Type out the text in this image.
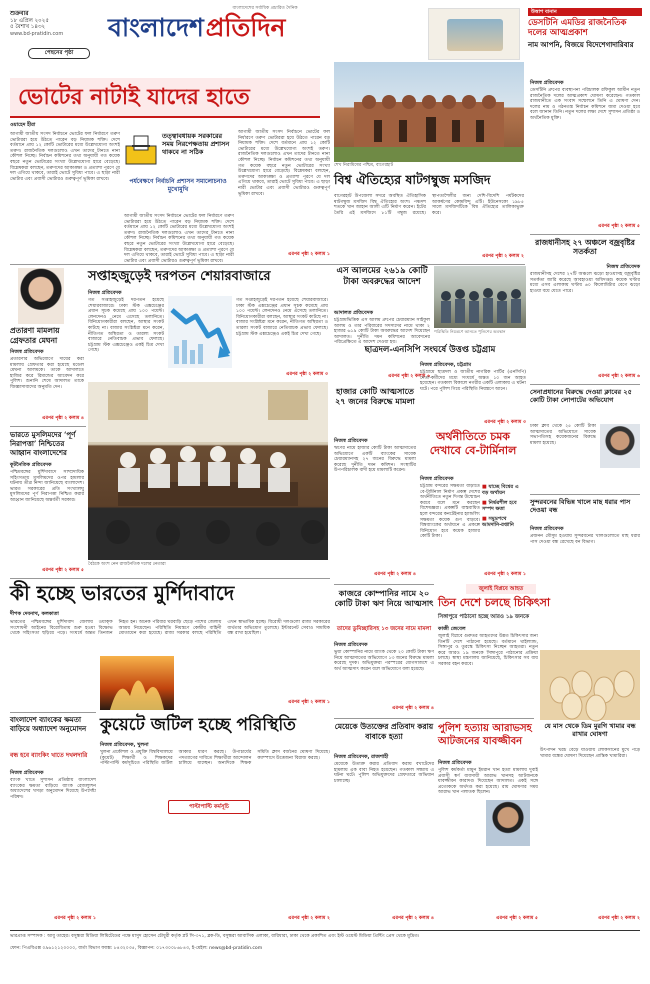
শুক্রবার
১৮ এপ্রিল ২০২৫
৫ বৈশাখ ১৪৩২
www.bd-pratidin.com
পেছনের পৃষ্ঠা
বাংলাদেশের সর্বাধিক প্রচারিত দৈনিক
বাংলাদেশ প্রতিদিন
উত্তাপ বানান
ডেসটিনি এমডির রাজনৈতিক দলের আত্মপ্রকাশ
নাম আপনি, বিজয়ে বিদেশেগাদারিবার
ভোটের নাটাই যাদের হাতে
ওয়াহেদ হীরা
আগামী জাতীয় সংসদ নির্বাচনে ভোটের ফল নির্ধারণে তরুণ ভোটাররা হয়ে উঠতে পারেন বড় নিয়ামক শক্তি। দেশে বর্তমানে প্রায় ১২ কোটি ভোটারের মধ্যে উল্লেখযোগ্য অংশই তরুণ। রাজনৈতিক দলগুলোও এখন তাদের টানতে নানা কৌশল নিচ্ছে। নির্বাচন কমিশনের তথ্য অনুযায়ী গত কয়েক বছরে নতুন ভোটারের সংখ্যা উল্লেখযোগ্য হারে বেড়েছে। বিশ্লেষকরা বলছেন, তরুণদের আকাঙ্ক্ষা ও প্রত্যাশা পূরণে যে দল এগিয়ে থাকবে, তারাই ভোটে সুবিধা পাবে। এ ছাড়া নারী ভোটার এবং প্রবাসী ভোটারও গুরুত্বপূর্ণ ভূমিকা রাখবে।
তত্ত্বাবধায়ক সরকারের সময় নিরপেক্ষতায় প্রশাসন থাকবে না সঠিক
পর্যবেক্ষণে নির্বাচনি প্রশাসন সমালোচনাও মুখোমুখি
আগামী জাতীয় সংসদ নির্বাচনে ভোটের ফল নির্ধারণে তরুণ ভোটাররা হয়ে উঠতে পারেন বড় নিয়ামক শক্তি। দেশে বর্তমানে প্রায় ১২ কোটি ভোটারের মধ্যে উল্লেখযোগ্য অংশই তরুণ। রাজনৈতিক দলগুলোও এখন তাদের টানতে নানা কৌশল নিচ্ছে। নির্বাচন কমিশনের তথ্য অনুযায়ী গত কয়েক বছরে নতুন ভোটারের সংখ্যা উল্লেখযোগ্য হারে বেড়েছে। বিশ্লেষকরা বলছেন, তরুণদের আকাঙ্ক্ষা ও প্রত্যাশা পূরণে যে দল এগিয়ে থাকবে, তারাই ভোটে সুবিধা পাবে। এ ছাড়া নারী ভোটার এবং প্রবাসী ভোটারও গুরুত্বপূর্ণ ভূমিকা রাখবে।
আগামী জাতীয় সংসদ নির্বাচনে ভোটের ফল নির্ধারণে তরুণ ভোটাররা হয়ে উঠতে পারেন বড় নিয়ামক শক্তি। দেশে বর্তমানে প্রায় ১২ কোটি ভোটারের মধ্যে উল্লেখযোগ্য অংশই তরুণ। রাজনৈতিক দলগুলোও এখন তাদের টানতে নানা কৌশল নিচ্ছে। নির্বাচন কমিশনের তথ্য অনুযায়ী গত কয়েক বছরে নতুন ভোটারের সংখ্যা উল্লেখযোগ্য হারে বেড়েছে। বিশ্লেষকরা বলছেন, তরুণদের আকাঙ্ক্ষা ও প্রত্যাশা পূরণে যে দল এগিয়ে থাকবে, তারাই ভোটে সুবিধা পাবে। এ ছাড়া নারী ভোটার এবং প্রবাসী ভোটারও গুরুত্বপূর্ণ ভূমিকা রাখবে।
এরপর পৃষ্ঠা ২ কলাম ১
শেখ নিরামিষের পশ্চিম, বাগেরহাট
বিশ্ব ঐতিহ্যের ষাটগম্বুজ মসজিদ
বাগেরহাট উপজেলা সদরে অবস্থিত ঐতিহাসিক ষাটগম্বুজ মসজিদ বিশ্ব ঐতিহ্যের অংশ। পঞ্চদশ শতকে খান জাহান আলী এটি নির্মাণ করেন। ইটের তৈরি এই মসজিদে ৮১টি গম্বুজ রয়েছে। স্থাপত্যশৈলীর জন্য দেশি-বিদেশি পর্যটকদের আকর্ষণের কেন্দ্রবিন্দু এটি। ইউনেসকো ১৯৮৫ সালে মসজিদটিকে বিশ্ব ঐতিহ্যের তালিকাভুক্ত করে।
এরপর পৃষ্ঠা ২ কলাম ২
নিজস্ব প্রতিবেদক
ডেসটিনি গ্রুপের ব্যবস্থাপনা পরিচালক রফিকুল আমীন নতুন রাজনৈতিক দলের আত্মপ্রকাশ ঘোষণা করেছেন। গতকাল রাজধানীতে এক সংবাদ সম্মেলনে তিনি এ ঘোষণা দেন। দলের নাম ও গঠনতন্ত্র নির্বাচন কমিশনে জমা দেওয়া হবে বলে জানান তিনি। নতুন দলের লক্ষ্য দেশে সুশাসন প্রতিষ্ঠা ও অর্থনৈতিক মুক্তি।
এরপর পৃষ্ঠা ২ কলাম ৫
রাজধানীসহ ২৭ অঞ্চলে বজ্রবৃষ্টির সতর্কতা
নিজস্ব প্রতিবেদক
সপ্তাহজুড়েই দরপতন শেয়ারবাজারে
নিজস্ব প্রতিবেদক
গত সপ্তাহজুড়েই দরপতন হয়েছে শেয়ারবাজারে। ঢাকা স্টক এক্সচেঞ্জের প্রধান সূচক কমেছে প্রায় ১০০ পয়েন্ট। লেনদেনও নেমে এসেছে তলানিতে। বিনিয়োগকারীরা বলছেন, আস্থার সংকট কাটছে না। বাজার সংশ্লিষ্টরা মনে করেন, নীতিগত অস্থিরতা ও তারল্য সংকট বাজারে নেতিবাচক প্রভাব ফেলছে। চট্টগ্রাম স্টক এক্সচেঞ্জেও একই চিত্র দেখা গেছে।
গত সপ্তাহজুড়েই দরপতন হয়েছে শেয়ারবাজারে। ঢাকা স্টক এক্সচেঞ্জের প্রধান সূচক কমেছে প্রায় ১০০ পয়েন্ট। লেনদেনও নেমে এসেছে তলানিতে। বিনিয়োগকারীরা বলছেন, আস্থার সংকট কাটছে না। বাজার সংশ্লিষ্টরা মনে করেন, নীতিগত অস্থিরতা ও তারল্য সংকট বাজারে নেতিবাচক প্রভাব ফেলছে। চট্টগ্রাম স্টক এক্সচেঞ্জেও একই চিত্র দেখা গেছে।
এরপর পৃষ্ঠা ২ কলাম ৩
প্রতারণা মামলায় গ্রেফতার মেঘনা
নিজস্ব প্রতিবেদক
প্রতারণার অভিযোগে দায়ের করা মামলায় গ্রেফতার করা হয়েছে মডেল মেঘনা আলমকে। তাকে আদালতে হাজির করে রিমান্ডের আবেদন করে পুলিশ। শুনানি শেষে আদালত তাকে জিজ্ঞাসাবাদের অনুমতি দেন।
এরপর পৃষ্ঠা ২ কলাম ৪
ভারতে মুসলিমদের ‘পূর্ণ নিরাপত্তা’ নিশ্চিতের আহ্বান বাংলাদেশের
কূটনৈতিক প্রতিবেদক
পশ্চিমবঙ্গের মুর্শিদাবাদে সাম্প্রদায়িক সহিংসতায় মুসলিমদের ওপর হামলার ঘটনায় তীব্র নিন্দা জানিয়েছে বাংলাদেশ। ভারত সরকারের প্রতি সংখ্যালঘু মুসলিমদের পূর্ণ নিরাপত্তা নিশ্চিত করার আহ্বান জানিয়েছে অন্তর্বর্তী সরকার।
এরপর পৃষ্ঠা ২ কলাম ৫
বৈঠকে অংশ নেন রাজনৈতিক দলের নেতারা
এস আলমের ২৬১৯ কোটি টাকা অবরুদ্ধের আদেশ
আদালত প্রতিবেদক
চট্টগ্রামভিত্তিক এস আলম গ্রুপের চেয়ারম্যান সাইফুল আলম ও তার পরিবারের সদস্যদের নামে থাকা ২ হাজার ৬১৯ কোটি টাকা অবরুদ্ধের আদেশ দিয়েছেন আদালত। দুর্নীতি দমন কমিশনের আবেদনের পরিপ্রেক্ষিতে এ আদেশ দেওয়া হয়।
এরপর পৃষ্ঠা ২ কলাম ৬
পরিস্থিতি নিয়ন্ত্রণে আনতে পুলিশের অবস্থান
রাজধানীসহ দেশের ২৭টি অঞ্চলে ঝড়ো হাওয়াসহ বজ্রবৃষ্টির সতর্কতা জারি করেছে আবহাওয়া অধিদপ্তর। কয়েক ঘণ্টার মধ্যে এসব এলাকায় ঘণ্টায় ৬০ কিলোমিটার বেগে ঝড়ো হাওয়া বয়ে যেতে পারে।
এরপর পৃষ্ঠা ২ কলাম ৬
ছাত্রদল-এনসিপি সংঘর্ষে উত্তপ্ত চট্টগ্রাম
নিজস্ব প্রতিবেদক, চট্টগ্রাম
চট্টগ্রামে ছাত্রদল ও জাতীয় নাগরিক পার্টির (এনসিপি) নেতা-কর্মীদের মধ্যে সংঘর্ষে অন্তত ১০ জন আহত হয়েছেন। গতকাল বিকালে নগরীর একটি এলাকায় এ ঘটনা ঘটে। পরে পুলিশ গিয়ে পরিস্থিতি নিয়ন্ত্রণে আনে।
এরপর পৃষ্ঠা ২ কলাম ৩
হাজার কোটি আত্মসাতে ২৭ জনের বিরুদ্ধে মামলা
নিজস্ব প্রতিবেদক
ঋণের নামে হাজার কোটি টাকা আত্মসাতের অভিযোগে একটি ব্যাংকের সাবেক চেয়ারম্যানসহ ২৭ জনের বিরুদ্ধে মামলা করেছে দুর্নীতি দমন কমিশন। সংস্থাটির উপপরিচালক বাদী হয়ে মামলাটি করেন।
এরপর পৃষ্ঠা ২ কলাম ৪
অর্থনীতিতে চমক দেখাবে বে-টার্মিনাল
নিজস্ব প্রতিবেদক
চট্টগ্রাম বন্দরের সক্ষমতা বাড়াতে বে-টার্মিনাল নির্মাণ প্রকল্প দেশের অর্থনীতিতে নতুন দিগন্ত উন্মোচন করবে বলে মনে করছেন বিশেষজ্ঞরা। প্রকল্পটি বাস্তবায়িত হলে বন্দরের কনটেইনার হ্যান্ডলিং সক্ষমতা কয়েক গুণ বাড়বে। বিশ্বব্যাংকের অর্থায়নে এ প্রকল্পে বিনিয়োগ হবে কয়েক হাজার কোটি টাকা।
■ যাচ্ছে বিশ্বের এ বড় অর্থায়ন
■ নির্ভরশীল হবে সম্পদ ক্ষতা
■ সমুদ্রপথে আমদানি-রপ্তানি
এরপর পৃষ্ঠা ২ কলাম ১
সেনাপ্রধানের বিরুদ্ধে দেওয়া ক্লাবের ২৫ কোটি টাকা লোপাটের অভিযোগ
ঢাকা ক্লাব থেকে ২৫ কোটি টাকা আত্মসাতের অভিযোগে সাবেক সভাপতিসহ কয়েকজনের বিরুদ্ধে মামলা হয়েছে।
সুন্দরবনের বিভিন্ন খালে মাছ ধরার পাস দেওয়া বন্ধ
নিজস্ব প্রতিবেদক
প্রজনন মৌসুম হওয়ায় সুন্দরবনের খালগুলোতে মাছ ধরার পাস দেওয়া বন্ধ রেখেছে বন বিভাগ।
কী হচ্ছে ভারতের মুর্শিদাবাদে
দীপক দেবনাথ, কলকাতা
ভারতের পশ্চিমবঙ্গের মুর্শিদাবাদ জেলায় ওয়াক্ফ সংশোধনী আইনের বিরোধিতায় শুরু হওয়া বিক্ষোভ থেকে সহিংসতা ছড়িয়ে পড়ে। সংঘর্ষে অন্তত তিনজন নিহত হন। অনেক পরিবার ঘরবাড়ি ছেড়ে পাশের জেলায় আশ্রয় নিয়েছেন। পরিস্থিতি নিয়ন্ত্রণে কেন্দ্রীয় বাহিনী মোতায়েন করা হয়েছে। রাজ্য সরকার বলছে পরিস্থিতি এখন স্বাভাবিক হচ্ছে। বিরোধী দলগুলো রাজ্য সরকারের ব্যর্থতার অভিযোগ তুলেছে। ইন্টারনেট সেবাও সাময়িক বন্ধ রাখা হয়েছিল।
এরপর পৃষ্ঠা ২ কলাম ১
বাংলাদেশ ব্যাংকের ক্ষমতা বাড়িয়ে অধ্যাদেশ অনুমোদন
বন্ধ হবে ব্যাংকিং খাতে দখলদারি
নিজস্ব প্রতিবেদক
ব্যাংক খাতে সুশাসন প্রতিষ্ঠায় বাংলাদেশ ব্যাংকের ক্ষমতা বাড়িয়ে ব্যাংক রেজল্যুশন অধ্যাদেশের খসড়া অনুমোদন দিয়েছে উপদেষ্টা পরিষদ।
এরপর পৃষ্ঠা ২ কলাম ১
কুয়েটে জটিল হচ্ছে পরিস্থিতি
নিজস্ব প্রতিবেদক, খুলনা
খুলনা প্রকৌশল ও প্রযুক্তি বিশ্ববিদ্যালয়ে (কুয়েট) শিক্ষার্থী ও শিক্ষকদের পাল্টাপাল্টি কর্মসূচিতে পরিস্থিতি জটিল আকার ধারণ করছে। উপাচার্যের পদত্যাগের দাবিতে শিক্ষার্থীরা আন্দোলন চালিয়ে যাচ্ছেন। অন্যদিকে শিক্ষক সমিতি ক্লাস বর্জনের ঘোষণা দিয়েছে। ক্যাম্পাসে উত্তেজনা বিরাজ করছে।
পাল্টাপাল্টি কর্মসূচি
এরপর পৃষ্ঠা ২ কলাম ২
কাজরে কোম্পানির নামে ২০ কোটি টাকা ঋণ নিয়ে আত্মসাৎ
তাদের ডুমিচ্ছারিসহ ১৩ জনের নামে মামলা
নিজস্ব প্রতিবেদক
ভুয়া কোম্পানির নামে ব্যাংক থেকে ২০ কোটি টাকা ঋণ নিয়ে আত্মসাতের অভিযোগে ১৩ জনের বিরুদ্ধে মামলা করেছে দুদক। অভিযুক্তরা পরস্পরের যোগসাজশে এ অর্থ আত্মসাৎ করেন বলে অভিযোগে বলা হয়েছে।
এরপর পৃষ্ঠা ২ কলাম ৪
জুলাই বিপ্লবে আহত
তিন দেশে চলছে চিকিৎসা
সিঙ্গাপুরে পাঠানো হচ্ছে আরও ১৯ জনকে
কাজী জেবেল
জুলাই বিপ্লবে গুরুতর আহতদের উন্নত চিকিৎসার জন্য তিনটি দেশে পাঠানো হয়েছে। বর্তমানে থাইল্যান্ড, সিঙ্গাপুর ও তুরস্কে চিকিৎসা নিচ্ছেন আহতরা। নতুন করে আরও ১৯ জনকে সিঙ্গাপুরে পাঠানোর প্রক্রিয়া চলছে। স্বাস্থ্য মন্ত্রণালয় জানিয়েছে, চিকিৎসার সব ব্যয় সরকার বহন করবে।
যে মাস থেকে ডিম মুরগি খামার বন্ধ রাখার ঘোষণা
উৎপাদন খরচ বেড়ে যাওয়ায় লোকসানের মুখে পড়ে খামার বন্ধের ঘোষণা দিয়েছেন প্রান্তিক খামারিরা।
এরপর পৃষ্ঠা ২ কলাম ২
মেয়েকে উত্যক্তের প্রতিবাদ করায় বাবাকে হত্যা
নিজস্ব প্রতিবেদক, রাজশাহী
মেয়েকে উত্যক্ত করার প্রতিবাদ করায় বখাটেদের হামলায় এক বাবা নিহত হয়েছেন। গতকাল সন্ধ্যায় এ ঘটনা ঘটে। পুলিশ অভিযুক্তদের গ্রেফতারে অভিযান চালাচ্ছে।
এরপর পৃষ্ঠা ২ কলাম ৪
পুলিশ হত্যায় আরাভসহ আটজনের যাবজ্জীবন
নিজস্ব প্রতিবেদক
পুলিশ কর্মকর্তা মামুন ইমরান খান হত্যা মামলায় দুবাই প্রবাসী স্বর্ণ ব্যবসায়ী আরাভ খানসহ আটজনকে যাবজ্জীবন কারাদণ্ড দিয়েছেন আদালত। একই সঙ্গে প্রত্যেককে অর্থদণ্ড করা হয়েছে। রায় ঘোষণার সময় আরাভ খান পলাতক ছিলেন।
এরপর পৃষ্ঠা ২ কলাম ৫
ভারপ্রাপ্ত সম্পাদক : আবু তাহের। বসুন্ধরা মিডিয়া লিমিটেডের পক্ষে মাসুদ হোসেন চৌধুরী কর্তৃক প্লট সি-৩৭১, ব্লক-ডি, বসুন্ধরা আবাসিক এলাকা, বারিধারা, ঢাকা থেকে প্রকাশিত এবং ইস্ট ওয়েস্ট মিডিয়া প্রিন্টিং প্রেস থেকে মুদ্রিত।
ফোন: পিএবিএক্স ০৯৬১২১২০০০০, বার্তা বিভাগ ফ্যাক্স: ৮৪৩২০৩৫, বিজ্ঞাপন: ০১৭৩০০৮৬৮৪৩, ই-মেইল: news@bd-pratidin.com
